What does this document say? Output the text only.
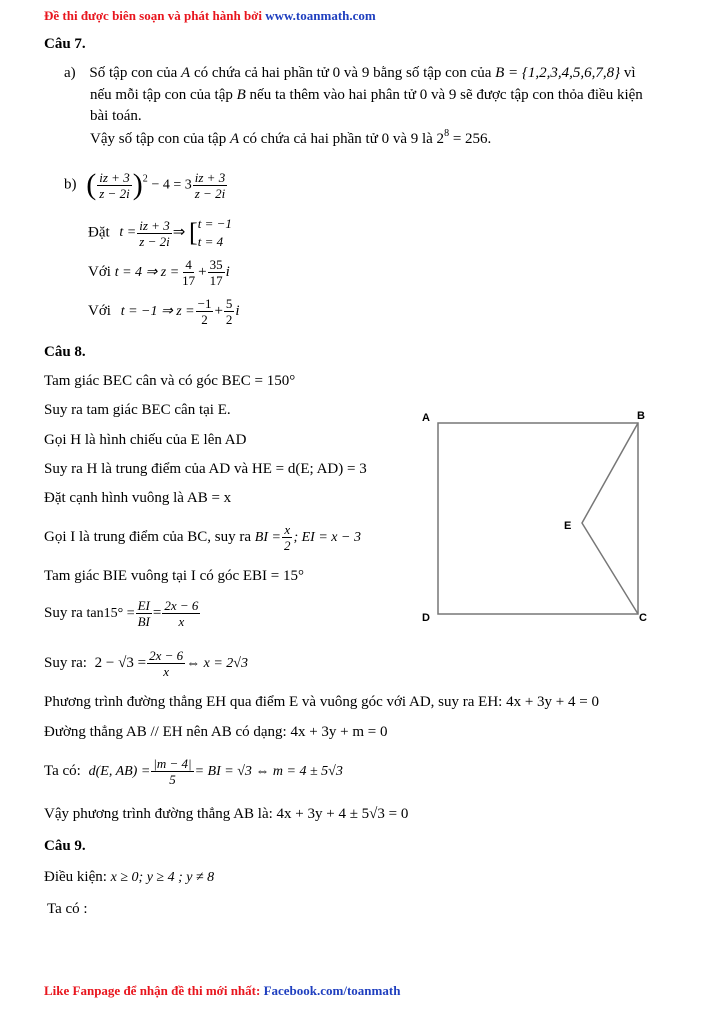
Đề thi được biên soạn và phát hành bởi www.toanmath.com
Câu 7.
a) Số tập con của A có chứa cả hai phần tử 0 và 9 bằng số tập con của B = {1,2,3,4,5,6,7,8} vì
nếu mỗi tập con của tập B nếu ta thêm vào hai phân tử 0 và 9 sẽ được tập con thỏa điều kiện
bài toán.
Vậy số tập con của tập A có chứa cả hai phần tử 0 và 9 là $2^8 = 256$.
b) ( $\frac{iz + 3}{z - 2i} )^2 - 4 = 3 \frac{iz + 3}{z - 2i}$
Đặt $t = \frac{iz + 3}{z - 2i}$ ⇒ [ t = −1
t = 4
Với t = 4 ⇒ $z = \frac{4}{17} + \frac{35}{17}$ i
Với t = −1 ⇒ $z = \frac{-1}{2} + \frac{5}{2}$ i
Câu 8.
Tam giác BEC cân và có góc BEC = 150°
Suy ra tam giác BEC cân tại E.
Gọi H là hình chiếu của E lên AD
Suy ra H là trung điểm của AD và HE = d(E; AD) = 3
Đặt cạnh hình vuông là AB = x
Gọi I là trung điểm của BC, suy ra BI = $\frac{x}{2}$ ; EI = x − 3
Tam giác BIE vuông tại I có góc EBI = 15°
Suy ra $\tan 15^\circ = \frac{EI}{BI} = \frac{2x - 6}{x}$
Suy ra: $2 - √3 = \frac{2x - 6}{x}$ ⇔ x = 2√3
Phương trình đường thẳng EH qua điểm E và vuông góc với AD, suy ra EH: 4x + 3y + 4 = 0
Đường thẳng AB // EH nên AB có dạng: 4x + 3y + m = 0
Ta có: d(E, $AB) = \frac{|m - 4|}{5}$ = BI = √3 ⇔ m = 4 ± 5√3
Vậy phương trình đường thẳng AB là: 4x + 3y + 4 ± 5√3 = 0
A	B
C
D
E
Câu 9.
Điều kiện: x ≥ 0; y ≥ 4 ; y ≠ 8
Ta có :
Like Fanpage để nhận đề thi mới nhất: Facebook.com/toanmath
